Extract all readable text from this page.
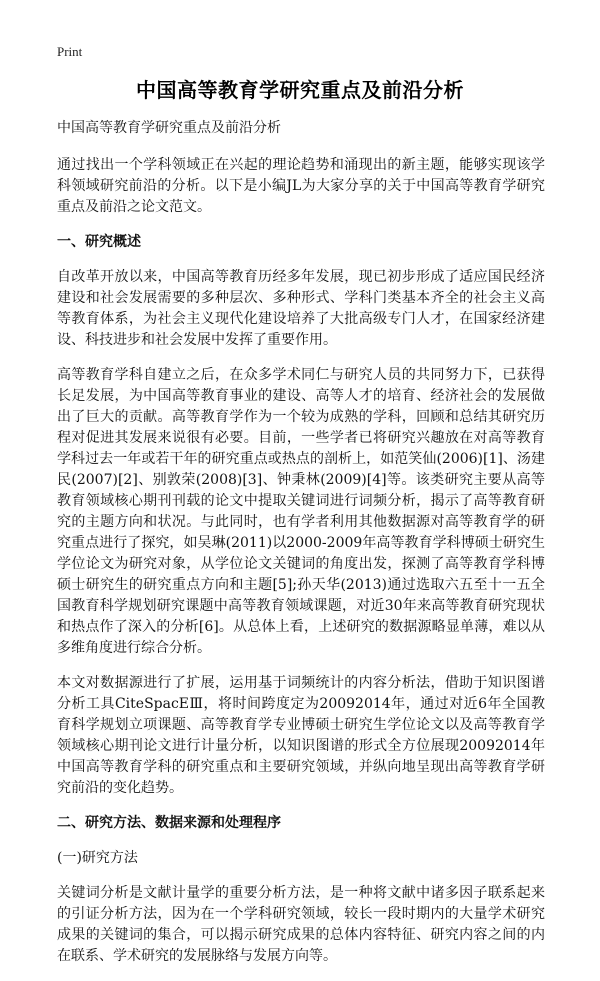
Print
中国高等教育学研究重点及前沿分析

中国高等教育学研究重点及前沿分析

通过找出一个学科领域正在兴起的理论趋势和涌现出的新主题，能够实现该学科领域研究前沿的分析。以下是小编JL为大家分享的关于中国高等教育学研究重点及前沿之论文范文。

一、研究概述

自改革开放以来，中国高等教育历经多年发展，现已初步形成了适应国民经济建设和社会发展需要的多种层次、多种形式、学科门类基本齐全的社会主义高等教育体系，为社会主义现代化建设培养了大批高级专门人才，在国家经济建设、科技进步和社会发展中发挥了重要作用。

高等教育学科自建立之后，在众多学术同仁与研究人员的共同努力下，已获得长足发展，为中国高等教育事业的建设、高等人才的培育、经济社会的发展做出了巨大的贡献。高等教育学作为一个较为成熟的学科，回顾和总结其研究历程对促进其发展来说很有必要。目前，一些学者已将研究兴趣放在对高等教育学科过去一年或若干年的研究重点或热点的剖析上，如范笑仙(2006)[1]、汤建民(2007)[2]、别敦荣(2008)[3]、钟秉林(2009)[4]等。该类研究主要从高等教育领域核心期刊刊载的论文中提取关键词进行词频分析，揭示了高等教育研究的主题方向和状况。与此同时，也有学者利用其他数据源对高等教育学的研究重点进行了探究，如吴琳(2011)以2000-2009年高等教育学科博硕士研究生学位论文为研究对象，从学位论文关键词的角度出发，探测了高等教育学科博硕士研究生的研究重点方向和主题[5];孙天华(2013)通过选取六五至十一五全国教育科学规划研究课题中高等教育领域课题，对近30年来高等教育研究现状和热点作了深入的分析[6]。从总体上看，上述研究的数据源略显单薄，难以从多维角度进行综合分析。

本文对数据源进行了扩展，运用基于词频统计的内容分析法，借助于知识图谱分析工具CiteSpacEⅢ，将时间跨度定为20092014年，通过对近6年全国教育科学规划立项课题、高等教育学专业博硕士研究生学位论文以及高等教育学领域核心期刊论文进行计量分析，以知识图谱的形式全方位展现20092014年中国高等教育学科的研究重点和主要研究领域，并纵向地呈现出高等教育学研究前沿的变化趋势。

二、研究方法、数据来源和处理程序

(一)研究方法

关键词分析是文献计量学的重要分析方法，是一种将文献中诸多因子联系起来的引证分析方法，因为在一个学科研究领域，较长一段时期内的大量学术研究成果的关键词的集合，可以揭示研究成果的总体内容特征、研究内容之间的内在联系、学术研究的发展脉络与发展方向等。
